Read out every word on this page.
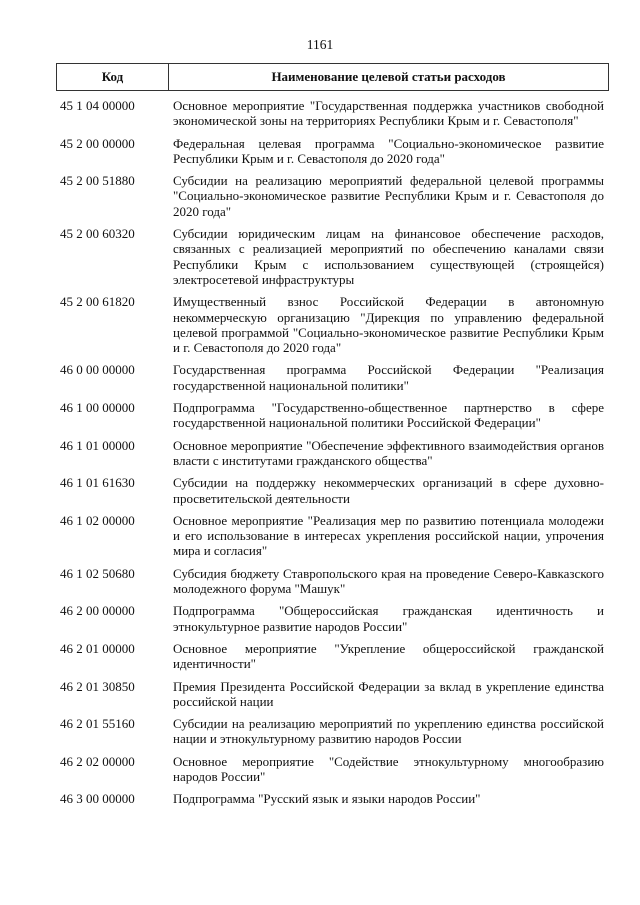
1161
Код	Наименование целевой статьи расходов
45 1 04 00000	Основное мероприятие "Государственная поддержка участников свободной экономической зоны на территориях Республики Крым и г. Севастополя"
45 2 00 00000	Федеральная целевая программа "Социально-экономическое развитие Республики Крым и г. Севастополя до 2020 года"
45 2 00 51880	Субсидии на реализацию мероприятий федеральной целевой программы "Социально-экономическое развитие Республики Крым и г. Севастополя до 2020 года"
45 2 00 60320	Субсидии юридическим лицам на финансовое обеспечение расходов, связанных с реализацией мероприятий по обеспечению каналами связи Республики Крым с использованием существующей (строящейся) электросетевой инфраструктуры
45 2 00 61820	Имущественный взнос Российской Федерации в автономную некоммерческую организацию "Дирекция по управлению федеральной целевой программой "Социально-экономическое развитие Республики Крым и г. Севастополя до 2020 года"
46 0 00 00000	Государственная программа Российской Федерации "Реализация государственной национальной политики"
46 1 00 00000	Подпрограмма "Государственно-общественное партнерство в сфере государственной национальной политики Российской Федерации"
46 1 01 00000	Основное мероприятие "Обеспечение эффективного взаимодействия органов власти с институтами гражданского общества"
46 1 01 61630	Субсидии на поддержку некоммерческих организаций в сфере духовно-просветительской деятельности
46 1 02 00000	Основное мероприятие "Реализация мер по развитию потенциала молодежи и его использование в интересах укрепления российской нации, упрочения мира и согласия"
46 1 02 50680	Субсидия бюджету Ставропольского края на проведение Северо-Кавказского молодежного форума "Машук"
46 2 00 00000	Подпрограмма "Общероссийская гражданская идентичность и этнокультурное развитие народов России"
46 2 01 00000	Основное мероприятие "Укрепление общероссийской гражданской идентичности"
46 2 01 30850	Премия Президента Российской Федерации за вклад в укрепление единства российской нации
46 2 01 55160	Субсидии на реализацию мероприятий по укреплению единства российской нации и этнокультурному развитию народов России
46 2 02 00000	Основное мероприятие "Содействие этнокультурному многообразию народов России"
46 3 00 00000	Подпрограмма "Русский язык и языки народов России"
